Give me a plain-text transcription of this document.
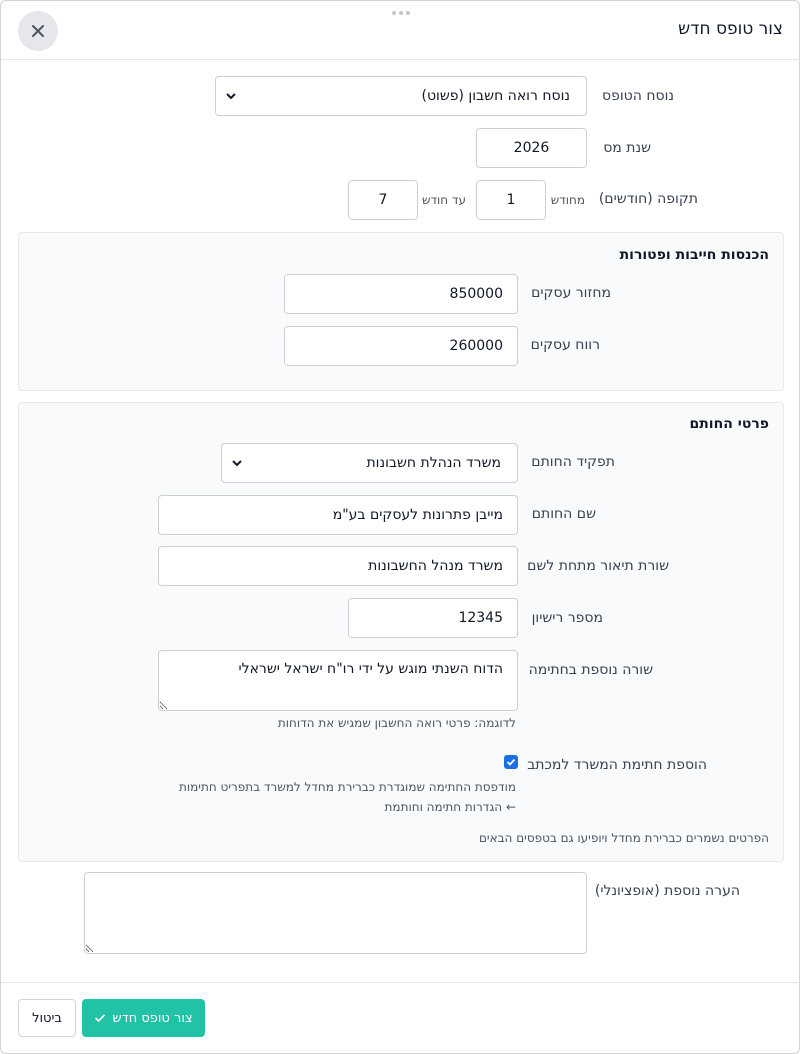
צור טופס חדש
נוסח הטופס
נוסח רואה חשבון (פשוט)
שנת מס
2026
תקופה (חודשים)
מחודש
1
עד חודש
7
הכנסות חייבות ופטורות
מחזור עסקים
850000
רווח עסקים
260000
פרטי החותם
תפקיד החותם
משרד הנהלת חשבונות
שם החותם
מייבן פתרונות לעסקים בע"מ
שורת תיאור מתחת לשם
משרד מנהל החשבונות
מספר רישיון
12345
שורה נוספת בחתימה
הדוח השנתי מוגש על ידי רו"ח ישראל ישראלי
לדוגמה: פרטי רואה החשבון שמגיש את הדוחות
הוספת חתימת המשרד למכתב
מודפסת החתימה שמוגדרת כברירת מחדל למשרד בתפריט חתימות
← הגדרות חתימה וחותמת
הפרטים נשמרים כברירת מחדל ויופיעו גם בטפסים הבאים
הערה נוספת (אופציונלי)
ביטול	צור טופס חדש
